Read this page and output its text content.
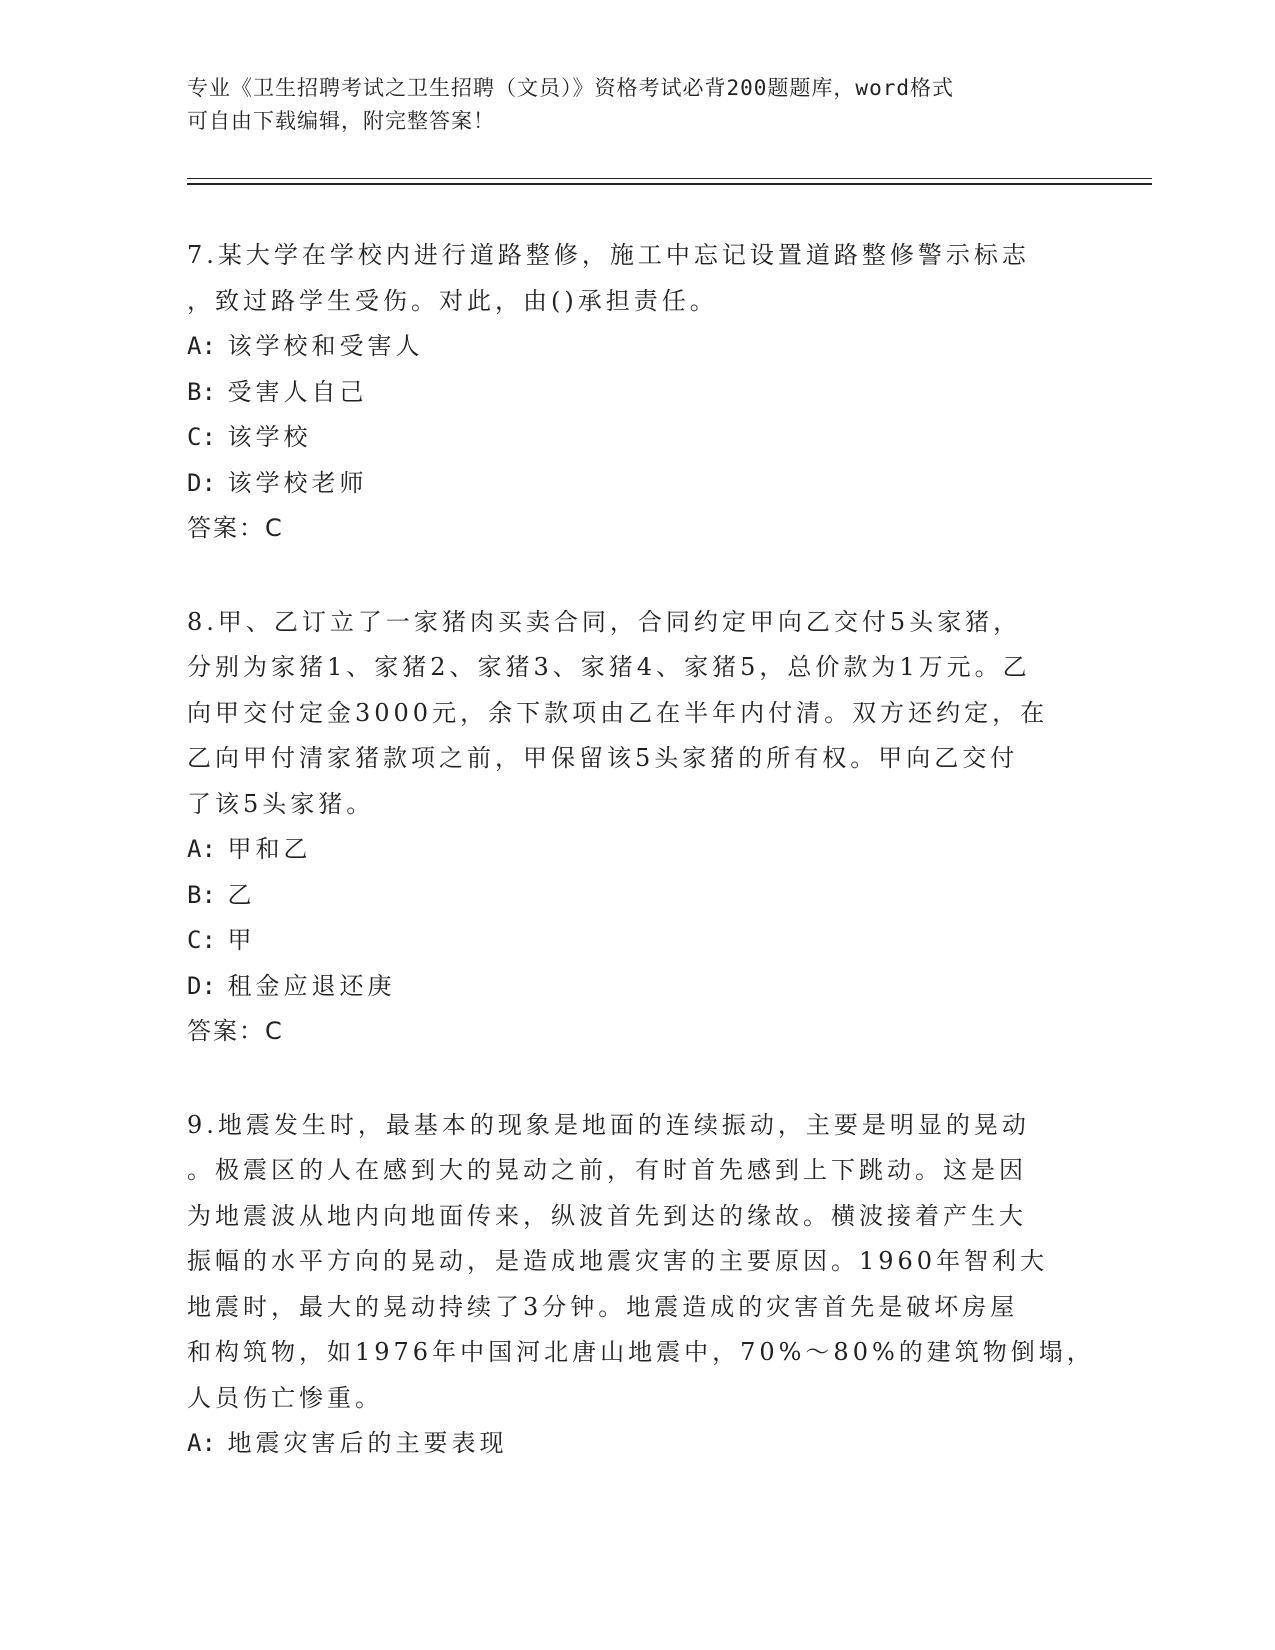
专业《卫生招聘考试之卫生招聘（文员）》资格考试必背200题题库，word格式
可自由下载编辑，附完整答案！
7.某大学在学校内进行道路整修，施工中忘记设置道路整修警示标志
，致过路学生受伤。对此，由()承担责任。
A: 该学校和受害人
B: 受害人自己
C: 该学校
D: 该学校老师
答案：C
8.甲、乙订立了一家猪肉买卖合同，合同约定甲向乙交付5头家猪，
分别为家猪1、家猪2、家猪3、家猪4、家猪5，总价款为1万元。乙
向甲交付定金3000元，余下款项由乙在半年内付清。双方还约定，在
乙向甲付清家猪款项之前，甲保留该5头家猪的所有权。甲向乙交付
了该5头家猪。
A: 甲和乙
B: 乙
C: 甲
D: 租金应退还庚
答案：C
9.地震发生时，最基本的现象是地面的连续振动，主要是明显的晃动
。极震区的人在感到大的晃动之前，有时首先感到上下跳动。这是因
为地震波从地内向地面传来，纵波首先到达的缘故。横波接着产生大
振幅的水平方向的晃动，是造成地震灾害的主要原因。1960年智利大
地震时，最大的晃动持续了3分钟。地震造成的灾害首先是破坏房屋
和构筑物，如1976年中国河北唐山地震中，70%～80%的建筑物倒塌，
人员伤亡惨重。
A: 地震灾害后的主要表现
